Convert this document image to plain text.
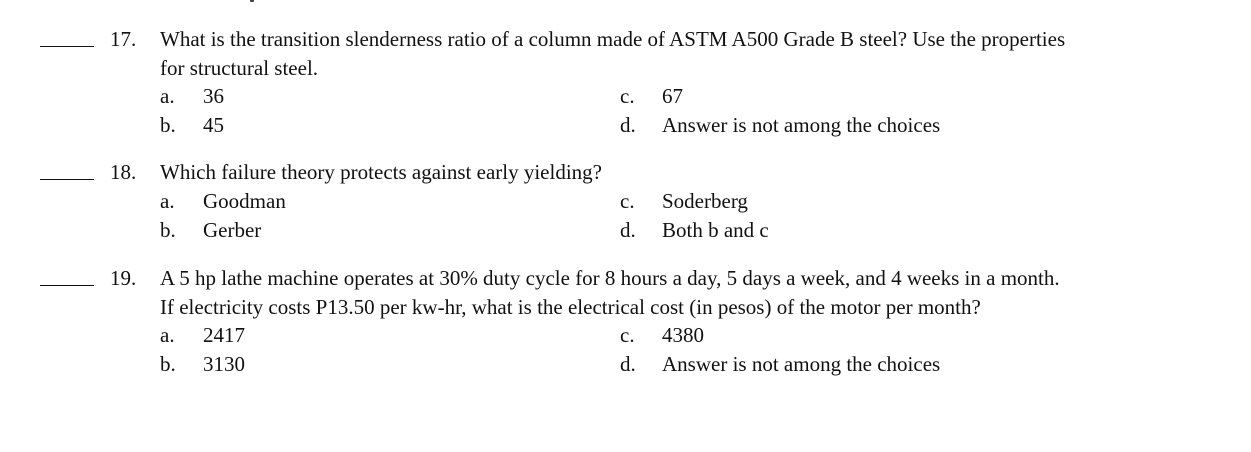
17. What is the transition slenderness ratio of a column made of ASTM A500 Grade B steel? Use the properties
for structural steel.
a. 36	c. 67
b. 45	d. Answer is not among the choices
18. Which failure theory protects against early yielding?
a. Goodman	c. Soderberg
b. Gerber	d. Both b and c
19. A 5 hp lathe machine operates at 30% duty cycle for 8 hours a day, 5 days a week, and 4 weeks in a month.
If electricity costs P13.50 per kw-hr, what is the electrical cost (in pesos) of the motor per month?
a. 2417	c. 4380
b. 3130	d. Answer is not among the choices
